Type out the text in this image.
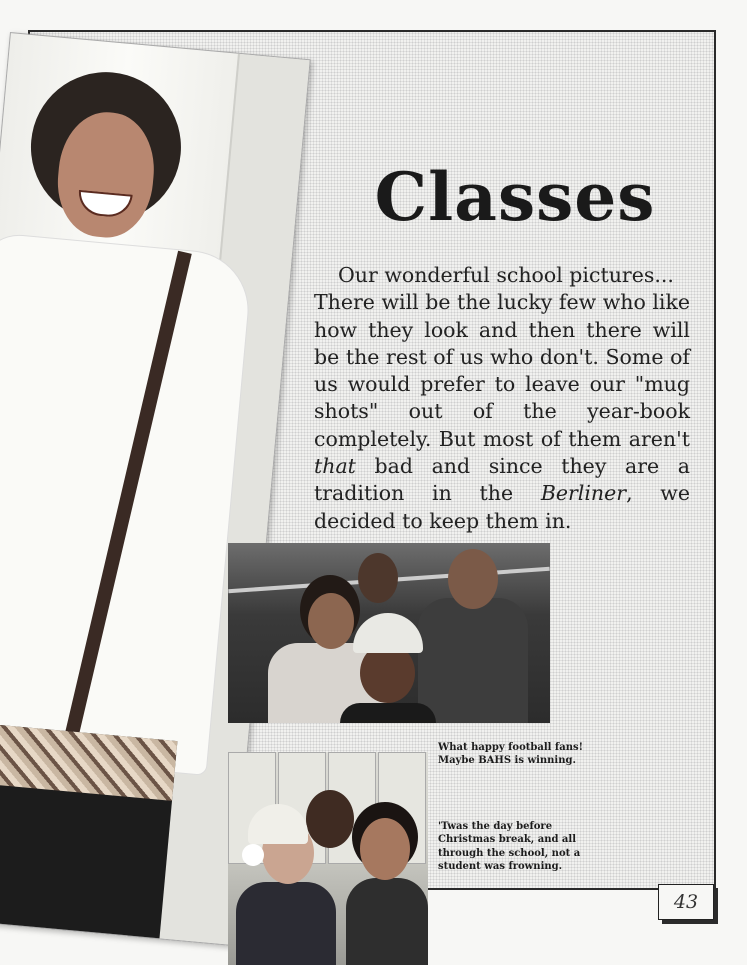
Classes

Our wonderful school pictures...
There will be the lucky few who like how they look and then there will be the rest of us who don't. Some of us would prefer to leave our "mug shots" out of the year-book completely. But most of them aren't that bad and since they are a tradition in the Berliner, we decided to keep them in.

What happy football fans! Maybe BAHS is winning.

'Twas the day before Christmas break, and all through the school, not a student was frowning.

43
